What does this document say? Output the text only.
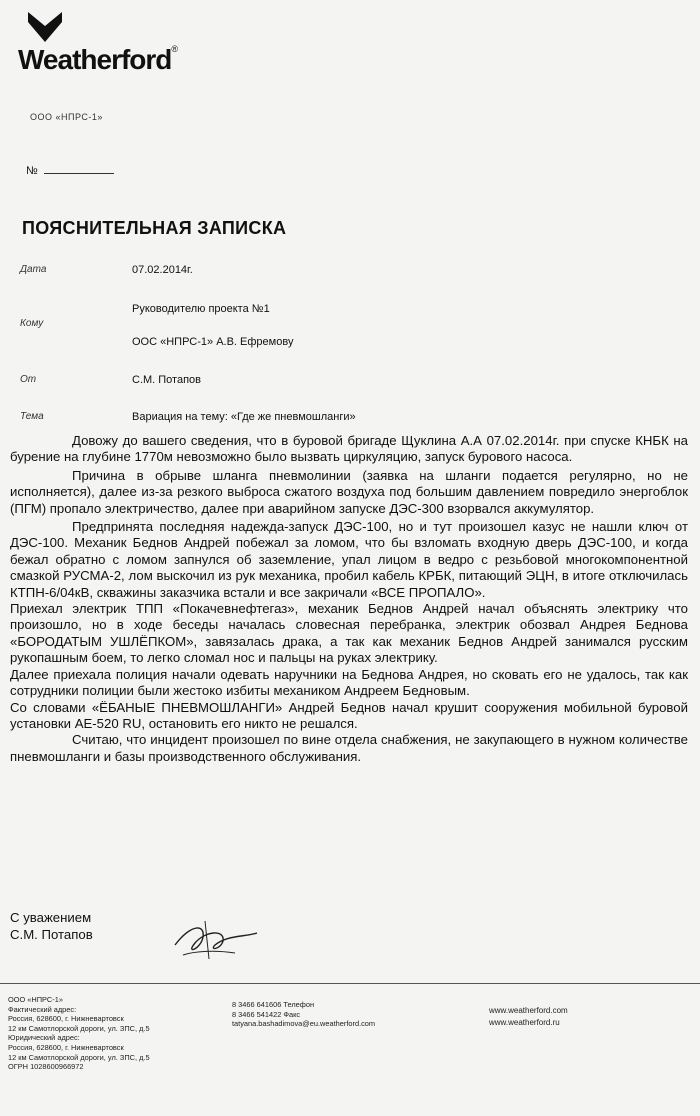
Weatherford®
ООО «НПРС-1»
№
ПОЯСНИТЕЛЬНАЯ ЗАПИСКА
Дата	07.02.2014г.
Кому
Руководителю проекта №1
ООС «НПРС-1» А.В. Ефремову
От	С.М. Потапов
Тема	Вариация на тему: «Где же пневмошланги»

Довожу до вашего сведения, что в буровой бригаде Щуклина А.А 07.02.2014г. при спуске КНБК на бурение на глубине 1770м невозможно было вызвать циркуляцию, запуск бурового насоса.

Причина в обрыве шланга пневмолинии (заявка на шланги подается регулярно, но не исполняется), далее из-за резкого выброса сжатого воздуха под большим давлением повредило энергоблок (ПГМ) пропало электричество, далее при аварийном запуске ДЭС-300 взорвался аккумулятор.

Предпринята последняя надежда-запуск ДЭС-100, но и тут произошел казус не нашли ключ от ДЭС-100. Механик Беднов Андрей побежал за ломом, что бы взломать входную дверь ДЭС-100, и когда бежал обратно с ломом запнулся об заземление, упал лицом в ведро с резьбовой многокомпонентной смазкой РУСМА-2, лом выскочил из рук механика, пробил кабель КРБК, питающий ЭЦН, в итоге отключилась КТПН-6/04кВ, скважины заказчика встали и все закричали «ВСЕ ПРОПАЛО».

Приехал электрик ТПП «Покачевнефтегаз», механик Беднов Андрей начал объяснять электрику что произошло, но в ходе беседы началась словесная перебранка, электрик обозвал Андрея Беднова «БОРОДАТЫМ УШЛЁПКОМ», завязалась драка, а так как механик Беднов Андрей занимался русским рукопашным боем, то легко сломал нос и пальцы на руках электрику.

Далее приехала полиция начали одевать наручники на Беднова Андрея, но сковать его не удалось, так как сотрудники полиции были жестоко избиты механиком Андреем Бедновым.

Со словами «ЁБАНЫЕ ПНЕВМОШЛАНГИ» Андрей Беднов начал крушит сооружения мобильной буровой установки АЕ-520 RU, остановить его никто не решался.

Считаю, что инцидент произошел по вине отдела снабжения, не закупающего в нужном количестве пневмошланги и базы производственного обслуживания.

С уважением
С.М. Потапов
ООО «НПРС-1»
Фактический адрес:
Россия, 628600, г. Нижневартовск
12 км Самотлорской дороги, ул. ЗПС, д.5
Юридический адрес:
Россия, 628600, г. Нижневартовск
12 км Самотлорской дороги, ул. ЗПС, д.5
ОГРН 1028600966972
8 3466 641606 Телефон
8 3466 541422 Факс
tatyana.bashadimova@eu.weatherford.com
www.weatherford.com
www.weatherford.ru
